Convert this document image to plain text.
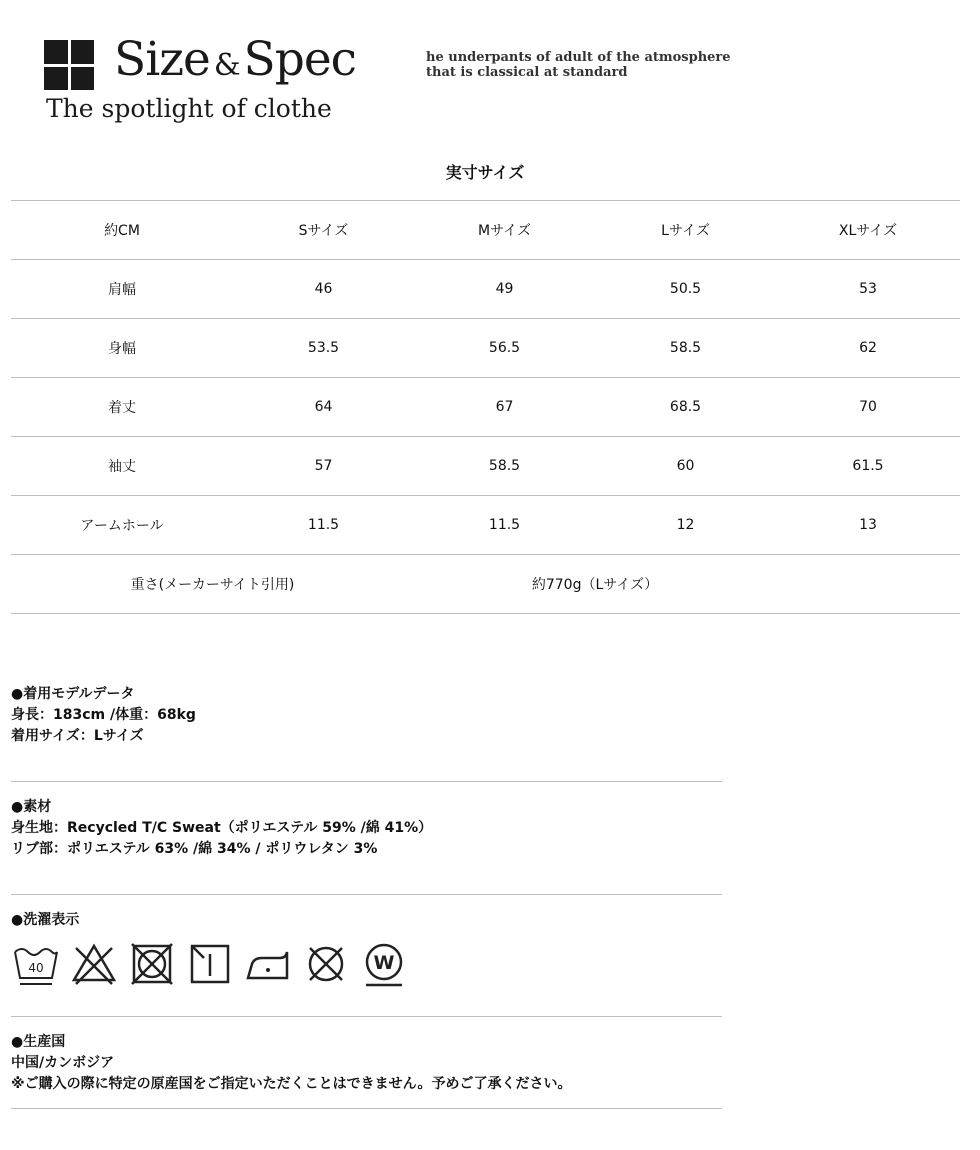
Size &Spec
The spotlight of clothe
he underpants of adult of the atmosphere
that is classical at standard
実寸サイズ
約CM	Sサイズ	Mサイズ	Lサイズ	XLサイズ
肩幅	46	49	50.5	53
身幅	53.5	56.5	58.5	62
着丈	64	67	68.5	70
袖丈	57	58.5	60	61.5
アームホール	11.5	11.5	12	13
重さ(メーカーサイト引用)		約770g（Lサイズ）		
●着用モデルデータ
身長：183cm /体重：68kg
着用サイズ：Lサイズ
●素材
身生地：Recycled T/C Sweat（ポリエステル 59% /綿 41%）
リブ部：ポリエステル 63% /綿 34% / ポリウレタン 3%
●洗濯表示
40	W
●生産国
中国/カンボジア
※ご購入の際に特定の原産国をご指定いただくことはできません。予めご了承ください。
